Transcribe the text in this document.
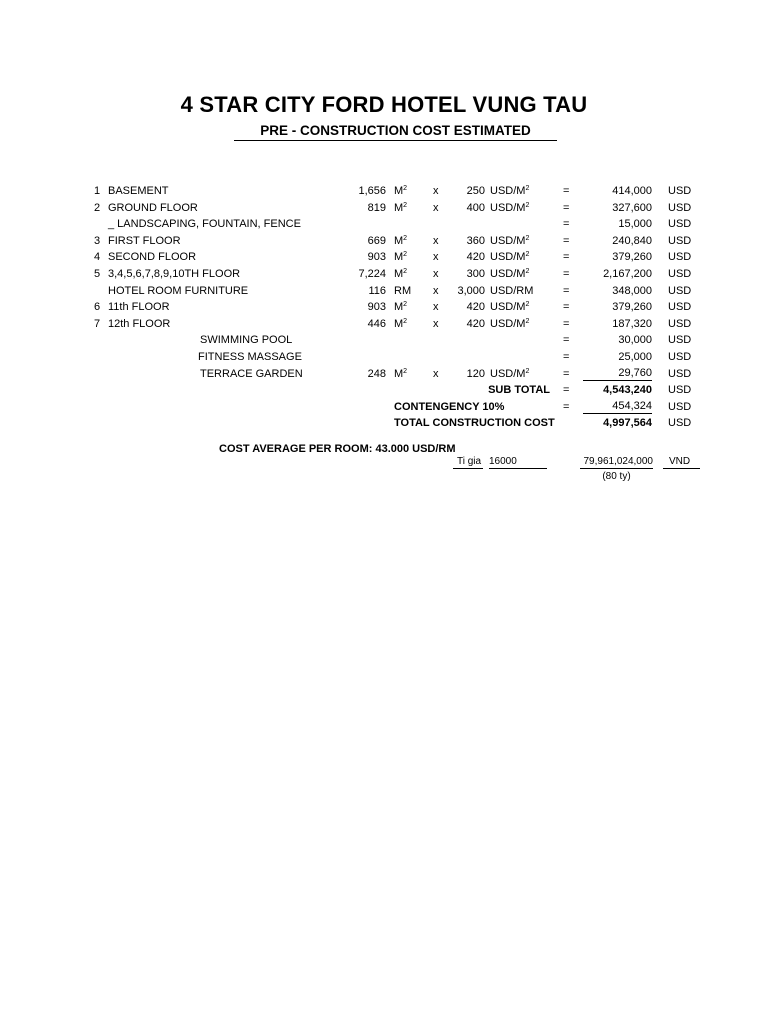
4 STAR CITY FORD HOTEL VUNG TAU
PRE - CONSTRUCTION COST ESTIMATED
1 BASEMENT	1,656 $M^2$ x	250 USD/$M^2$	=	414,000 USD
2 GROUND FLOOR	819 $M^2$ x	400 USD/$M^2$	=	327,600 USD
_ LANDSCAPING, FOUNTAIN, FENCE	=	15,000 USD
3 FIRST FLOOR	669 $M^2$ x	360 USD/$M^2$	=	240,840 USD
4 SECOND FLOOR	903 $M^2$ x	420 USD/$M^2$	=	379,260 USD
5 3,4,5,6,7,8,9,10TH FLOOR	7,224 $M^2$ x	300 USD/$M^2$	=	2,167,200 USD
HOTEL ROOM FURNITURE	116 RM x	3,000 USD/RM	=	348,000 USD
6 11th FLOOR	903 $M^2$ x	420 USD/$M^2$	=	379,260 USD
7 12th FLOOR	446 $M^2$ x	420 USD/$M^2$	=	187,320 USD
SWIMMING POOL	=	30,000 USD
FITNESS MASSAGE	=	25,000 USD
TERRACE GARDEN	248 $M^2$ x	120 USD/$M^2$	=	29,760 USD
SUB TOTAL =	4,543,240 USD
CONTENGENCY 10%	=	454,324 USD
TOTAL CONSTRUCTION COST	4,997,564 USD
COST AVERAGE PER ROOM: 43.000 USD/RM
Ti gia 16000	79,961,024,000	VND
(80 ty)
